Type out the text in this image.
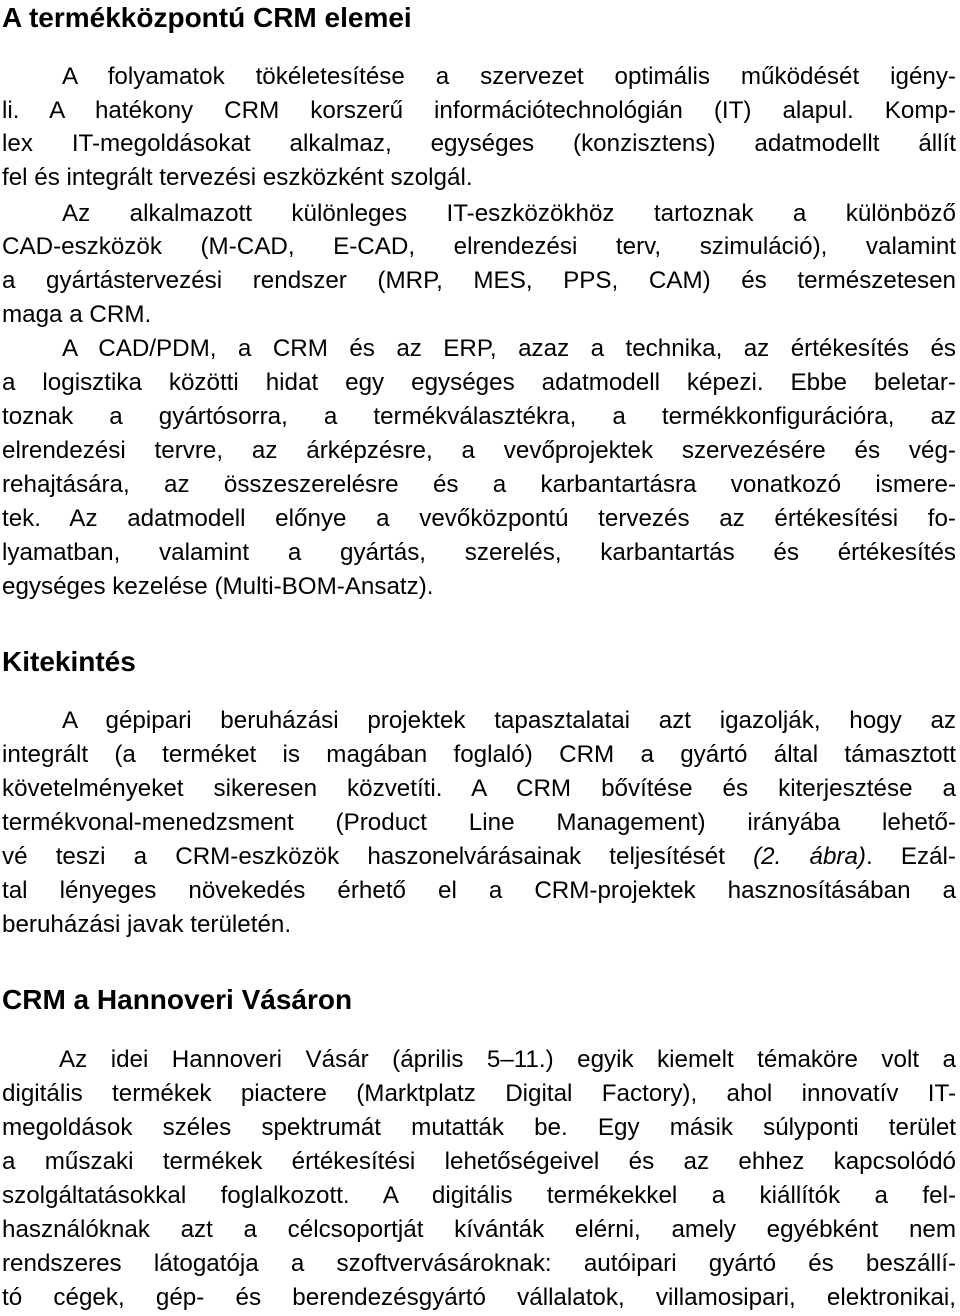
A termékközpontú CRM elemei
A folyamatok tökéletesítése a szervezet optimális működését igény-
li. A hatékony CRM korszerű információtechnológián (IT) alapul. Komp-
lex IT-megoldásokat alkalmaz, egységes (konzisztens) adatmodellt állít
fel és integrált tervezési eszközként szolgál.
Az alkalmazott különleges IT-eszközökhöz tartoznak a különböző
CAD-eszközök (M-CAD, E-CAD, elrendezési terv, szimuláció), valamint
a gyártástervezési rendszer (MRP, MES, PPS, CAM) és természetesen
maga a CRM.
A CAD/PDM, a CRM és az ERP, azaz a technika, az értékesítés és
a logisztika közötti hidat egy egységes adatmodell képezi. Ebbe beletar-
toznak a gyártósorra, a termékválasztékra, a termékkonfigurációra, az
elrendezési tervre, az árképzésre, a vevőprojektek szervezésére és vég-
rehajtására, az összeszerelésre és a karbantartásra vonatkozó ismere-
tek. Az adatmodell előnye a vevőközpontú tervezés az értékesítési fo-
lyamatban, valamint a gyártás, szerelés, karbantartás és értékesítés
egységes kezelése (Multi-BOM-Ansatz).
Kitekintés
A gépipari beruházási projektek tapasztalatai azt igazolják, hogy az
integrált (a terméket is magában foglaló) CRM a gyártó által támasztott
követelményeket sikeresen közvetíti. A CRM bővítése és kiterjesztése a
termékvonal-menedzsment (Product Line Management) irányába lehető-
vé teszi a CRM-eszközök haszonelvárásainak teljesítését (2. ábra). Ezál-
tal lényeges növekedés érhető el a CRM-projektek hasznosításában a
beruházási javak területén.
CRM a Hannoveri Vásáron
Az idei Hannoveri Vásár (április 5–11.) egyik kiemelt témaköre volt a
digitális termékek piactere (Marktplatz Digital Factory), ahol innovatív IT-
megoldások széles spektrumát mutatták be. Egy másik súlyponti terület
a műszaki termékek értékesítési lehetőségeivel és az ehhez kapcsolódó
szolgáltatásokkal foglalkozott. A digitális termékekkel a kiállítók a fel-
használóknak azt a célcsoportját kívánták elérni, amely egyébként nem
rendszeres látogatója a szoftvervásároknak: autóipari gyártó és beszállí-
tó cégek, gép- és berendezésgyártó vállalatok, villamosipari, elektronikai,
